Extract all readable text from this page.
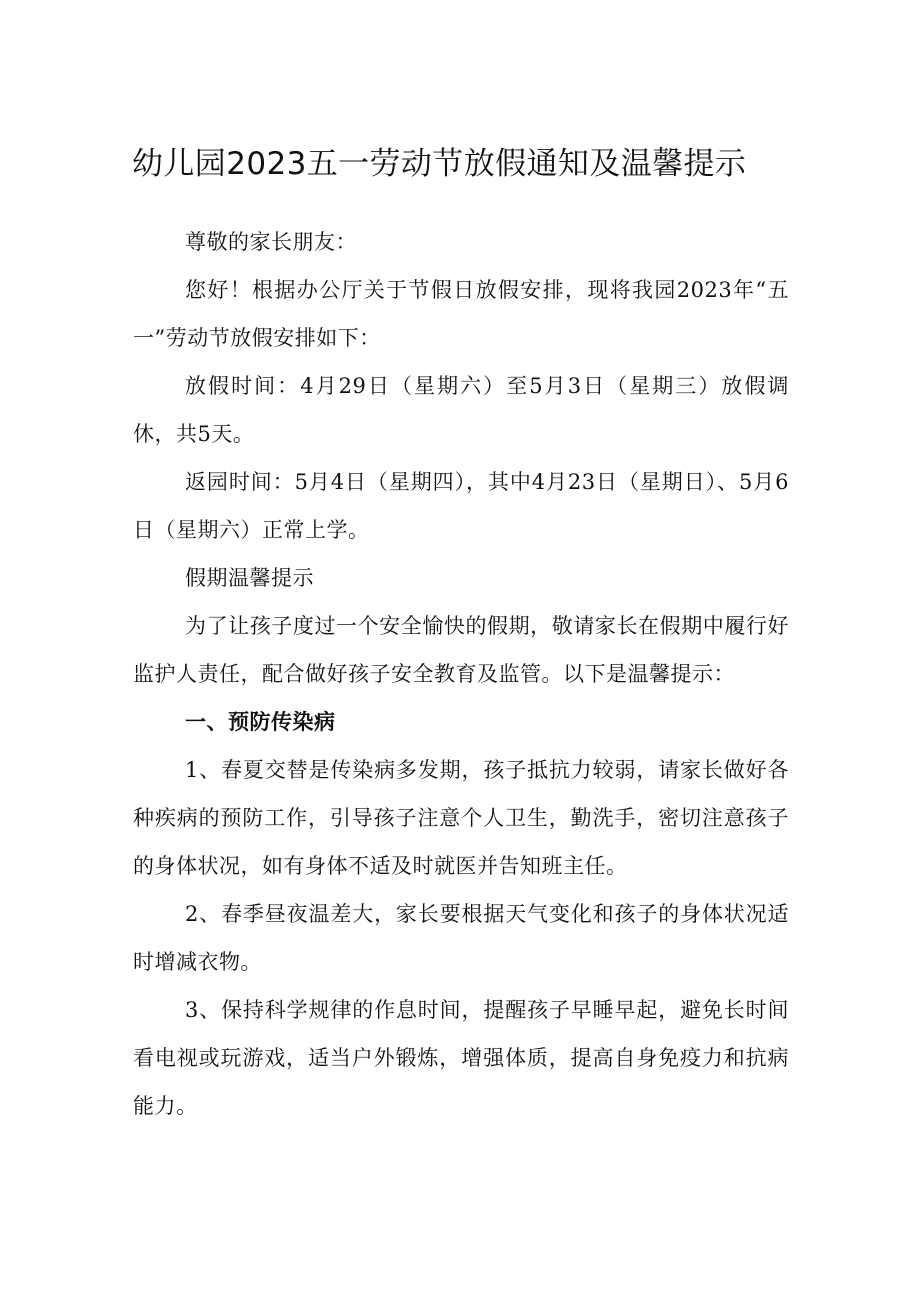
幼儿园2023五一劳动节放假通知及温馨提示

尊敬的家长朋友：

您好！根据办公厅关于节假日放假安排，现将我园2023年“五一”劳动节放假安排如下：

放假时间：4月29日（星期六）至5月3日（星期三）放假调休，共5天。

返园时间：5月4日（星期四），其中4月23日（星期日）、5月6日（星期六）正常上学。

假期温馨提示

为了让孩子度过一个安全愉快的假期，敬请家长在假期中履行好监护人责任，配合做好孩子安全教育及监管。以下是温馨提示：

一、预防传染病

1、春夏交替是传染病多发期，孩子抵抗力较弱，请家长做好各种疾病的预防工作，引导孩子注意个人卫生，勤洗手，密切注意孩子的身体状况，如有身体不适及时就医并告知班主任。

2、春季昼夜温差大，家长要根据天气变化和孩子的身体状况适时增减衣物。

3、保持科学规律的作息时间，提醒孩子早睡早起，避免长时间看电视或玩游戏，适当户外锻炼，增强体质，提高自身免疫力和抗病能力。
